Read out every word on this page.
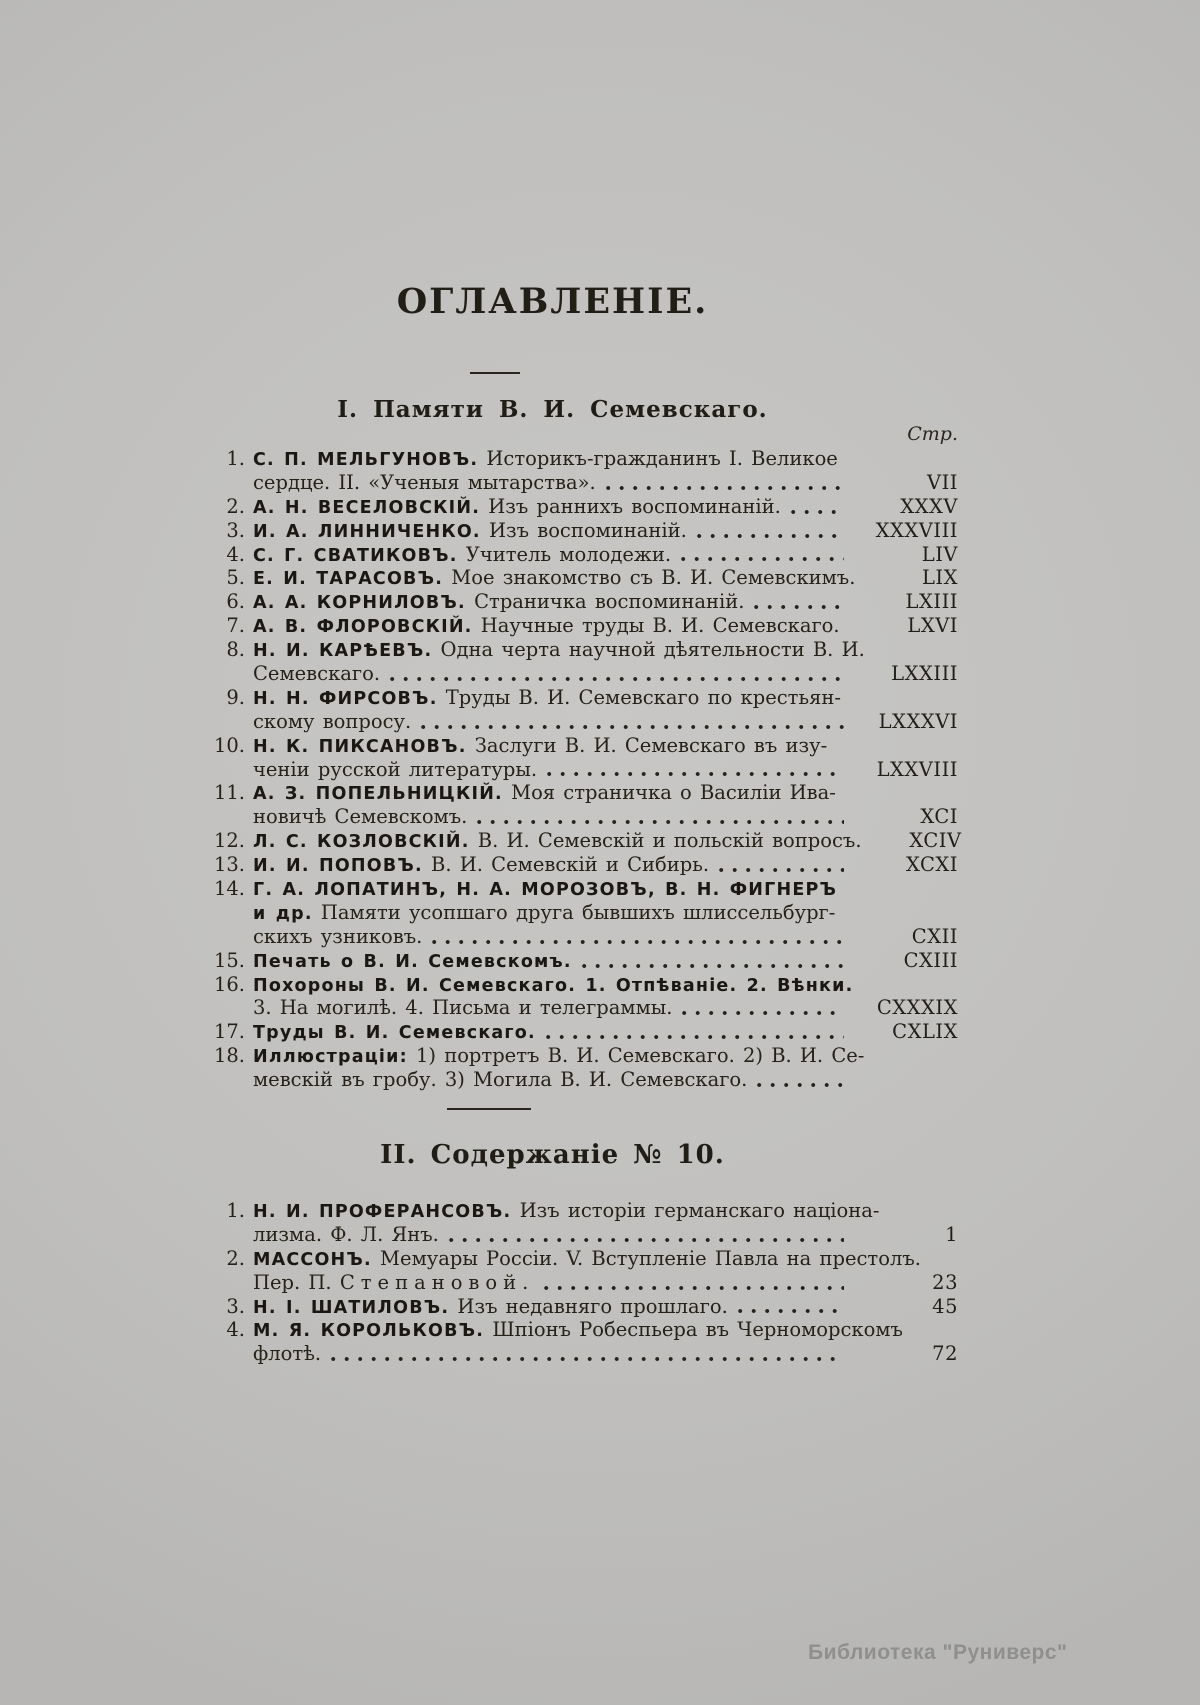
ОГЛАВЛЕНІЕ.
I. Памяти В. И. Семевскаго.
Стр.
1. С. П. МЕЛЬГУНОВЪ. Историкъ-гражданинъ I. Великое
сердце. II. «Ученыя мытарства».	VII
2. А. Н. ВЕСЕЛОВСКІЙ. Изъ раннихъ воспоминаній.	XXXV
3. И. А. ЛИННИЧЕНКО. Изъ воспоминаній.	XXXVIII
4. С. Г. СВАТИКОВЪ. Учитель молодежи.	LIV
5. Е. И. ТАРАСОВЪ. Мое знакомство съ В. И. Семевскимъ.	LIX
6. А. А. КОРНИЛОВЪ. Страничка воспоминаній.	LXIII
7. А. В. ФЛОРОВСКІЙ. Научные труды В. И. Семевскаго.	LXVI
8. Н. И. КАРѢЕВЪ. Одна черта научной дѣятельности В. И.
Семевскаго.	LXXIII
9. Н. Н. ФИРСОВЪ. Труды В. И. Семевскаго по крестьян-
скому вопросу.	LXXXVI
10. Н. К. ПИКСАНОВЪ. Заслуги В. И. Семевскаго въ изу-
ченіи русской литературы.	LXXVIII
11. А. З. ПОПЕЛЬНИЦКІЙ. Моя страничка о Василіи Ива-
новичѣ Семевскомъ.	XCI
12. Л. С. КОЗЛОВСКІЙ. В. И. Семевскій и польскій вопросъ.	XCIV
13. И. И. ПОПОВЪ. В. И. Семевскій и Сибирь.	XCXI
14. Г. А. ЛОПАТИНЪ, Н. А. МОРОЗОВЪ, В. Н. ФИГНЕРЪ
и др. Памяти усопшаго друга бывшихъ шлиссельбург-
скихъ узниковъ.	CXII
15. Печать о В. И. Семевскомъ.	CXIII
16. Похороны В. И. Семевскаго. 1. Отпѣваніе. 2. Вѣнки.
3. На могилѣ. 4. Письма и телеграммы.	CXXXIX
17. Труды В. И. Семевскаго.	CXLIX
18. Иллюстраціи: 1) портретъ В. И. Семевскаго. 2) В. И. Се-
мевскій въ гробу. 3) Могила В. И. Семевскаго.
II. Содержаніе № 10.
1. Н. И. ПРОФЕРАНСОВЪ. Изъ исторіи германскаго націона-
лизма. Ф. Л. Янъ.	1
2. МАССОНЪ. Мемуары Россіи. V. Вступленіе Павла на престолъ.
Пер. П. Степановой.	23
3. Н. І. ШАТИЛОВЪ. Изъ недавняго прошлаго.	45
4. М. Я. КОРОЛЬКОВЪ. Шпіонъ Робеспьера въ Черноморскомъ
флотѣ.	72
Библиотека "Руниверс"
